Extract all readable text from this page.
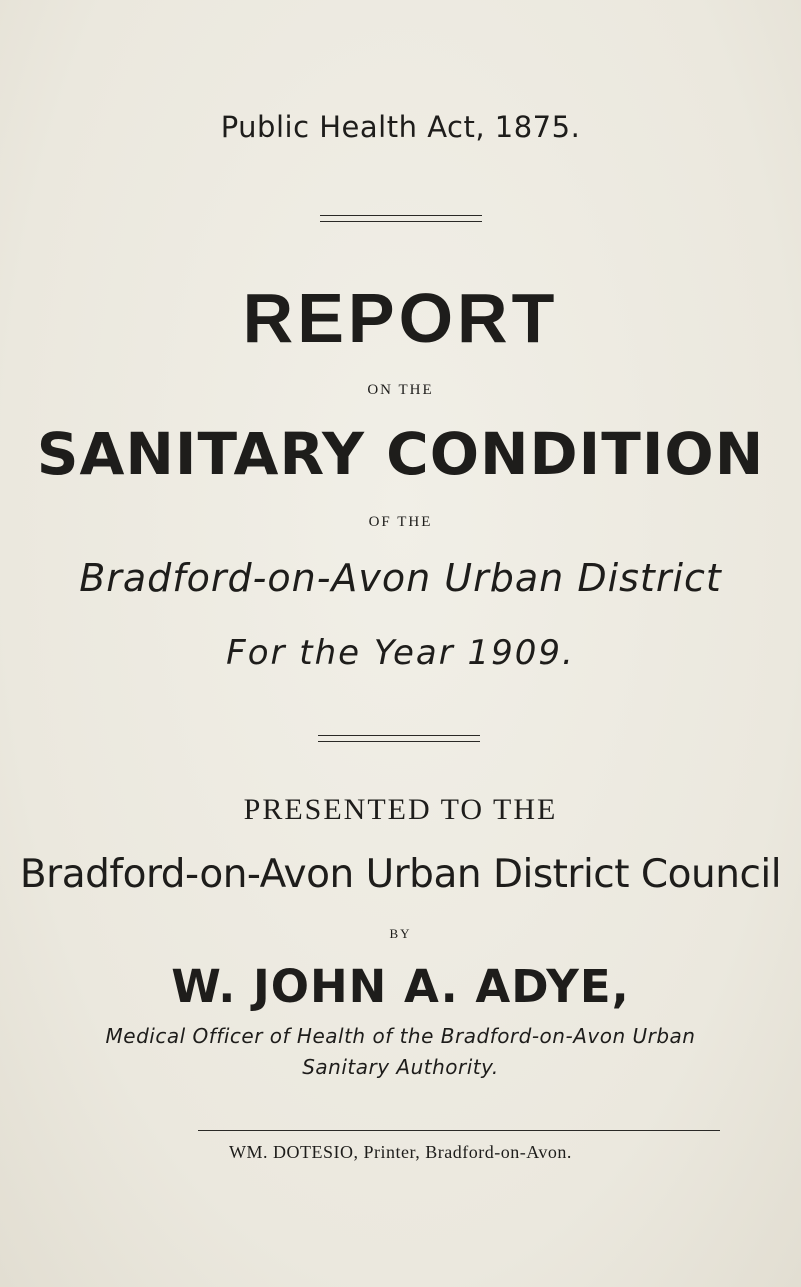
Public Health Act, 1875.
REPORT
ON THE
SANITARY CONDITION
OF THE
Bradford-on-Avon Urban District
For the Year 1909.
PRESENTED TO THE
Bradford-on-Avon Urban District Council
BY
W. JOHN A. ADYE,
Medical Officer of Health of the Bradford-on-Avon Urban
Sanitary Authority.
WM. DOTESIO, Printer, Bradford-on-Avon.
